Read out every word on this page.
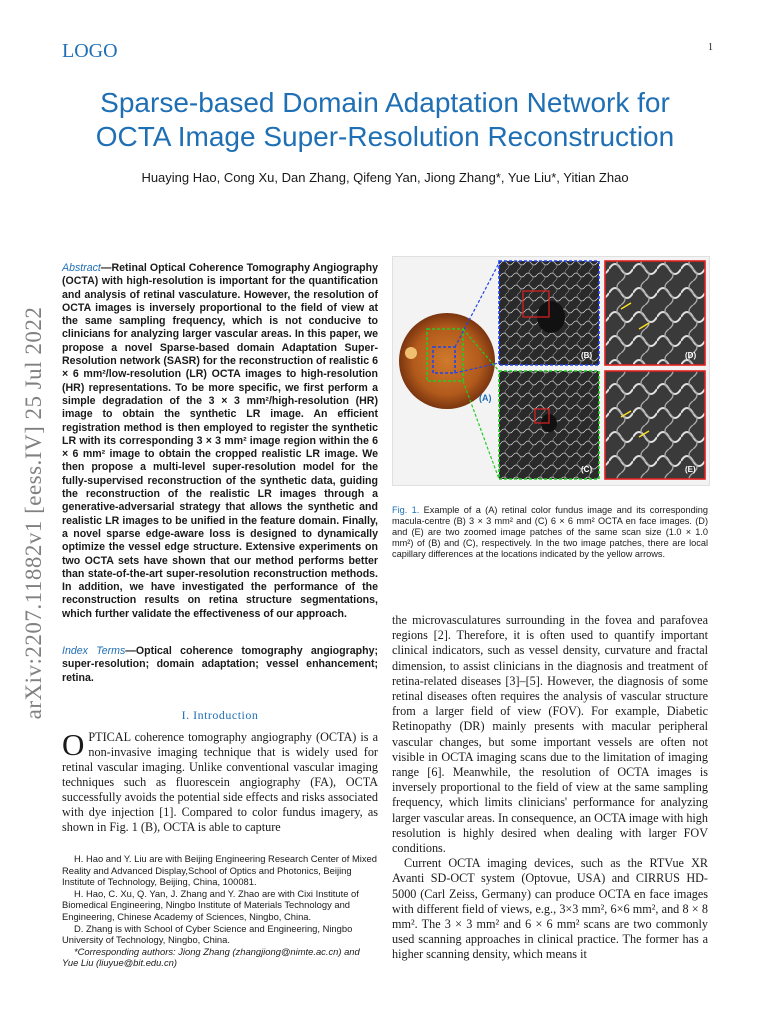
LOGO	1
Sparse-based Domain Adaptation Network for
OCTA Image Super-Resolution Reconstruction
Huaying Hao, Cong Xu, Dan Zhang, Qifeng Yan, Jiong Zhang*, Yue Liu*, Yitian Zhao
arXiv:2207.11882v1 [eess.IV] 25 Jul 2022
Abstract—Retinal Optical Coherence Tomography Angiography (OCTA) with high-resolution is important for the quantification and analysis of retinal vasculature. However, the resolution of OCTA images is inversely proportional to the field of view at the same sampling frequency, which is not conducive to clinicians for analyzing larger vascular areas. In this paper, we propose a novel Sparse-based domain Adaptation Super-Resolution network (SASR) for the reconstruction of realistic 6 × 6 mm²/low-resolution (LR) OCTA images to high-resolution (HR) representations. To be more specific, we first perform a simple degradation of the 3 × 3 mm²/high-resolution (HR) image to obtain the synthetic LR image. An efficient registration method is then employed to register the synthetic LR with its corresponding 3 × 3 mm² image region within the 6 × 6 mm² image to obtain the cropped realistic LR image. We then propose a multi-level super-resolution model for the fully-supervised reconstruction of the synthetic data, guiding the reconstruction of the realistic LR images through a generative-adversarial strategy that allows the synthetic and realistic LR images to be unified in the feature domain. Finally, a novel sparse edge-aware loss is designed to dynamically optimize the vessel edge structure. Extensive experiments on two OCTA sets have shown that our method performs better than state-of-the-art super-resolution reconstruction methods. In addition, we have investigated the performance of the reconstruction results on retina structure segmentations, which further validate the effectiveness of our approach.
Index Terms—Optical coherence tomography angiography; super-resolution; domain adaptation; vessel enhancement; retina.
I. Introduction
OPTICAL coherence tomography angiography (OCTA) is a non-invasive imaging technique that is widely used for retinal vascular imaging. Unlike conventional vascular imaging techniques such as fluorescein angiography (FA), OCTA successfully avoids the potential side effects and risks associated with dye injection [1]. Compared to color fundus imagery, as shown in Fig. 1 (B), OCTA is able to capture

H. Hao and Y. Liu are with Beijing Engineering Research Center of Mixed Reality and Advanced Display,School of Optics and Photonics, Beijing Institute of Technology, Beijing, China, 100081.

H. Hao, C. Xu, Q. Yan, J. Zhang and Y. Zhao are with Cixi Institute of Biomedical Engineering, Ningbo Institute of Materials Technology and Engineering, Chinese Academy of Sciences, Ningbo, China.

D. Zhang is with School of Cyber Science and Engineering, Ningbo University of Technology, Ningbo, China.

*Corresponding authors: Jiong Zhang (zhangjiong@nimte.ac.cn) and Yue Liu (liuyue@bit.edu.cn)

(A)
(B)
(C)
(D)
(E)
Fig. 1. Example of a (A) retinal color fundus image and its corresponding macula-centre (B) 3 × 3 mm² and (C) 6 × 6 mm² OCTA en face images. (D) and (E) are two zoomed image patches of the same scan size (1.0 × 1.0 mm²) of (B) and (C), respectively. In the two image patches, there are local capillary differences at the locations indicated by the yellow arrows.

the microvasculatures surrounding in the fovea and parafovea regions [2]. Therefore, it is often used to quantify important clinical indicators, such as vessel density, curvature and fractal dimension, to assist clinicians in the diagnosis and treatment of retina-related diseases [3]–[5]. However, the diagnosis of some retinal diseases often requires the analysis of vascular structure from a larger field of view (FOV). For example, Diabetic Retinopathy (DR) mainly presents with macular peripheral vascular changes, but some important vessels are often not visible in OCTA imaging scans due to the limitation of imaging range [6]. Meanwhile, the resolution of OCTA images is inversely proportional to the field of view at the same sampling frequency, which limits clinicians' performance for analyzing larger vascular areas. In consequence, an OCTA image with high resolution is highly desired when dealing with larger FOV conditions.

Current OCTA imaging devices, such as the RTVue XR Avanti SD-OCT system (Optovue, USA) and CIRRUS HD-5000 (Carl Zeiss, Germany) can produce OCTA en face images with different field of views, e.g., 3×3 mm², 6×6 mm², and 8 × 8 mm². The 3 × 3 mm² and 6 × 6 mm² scans are two commonly used scanning approaches in clinical practice. The former has a higher scanning density, which means it
